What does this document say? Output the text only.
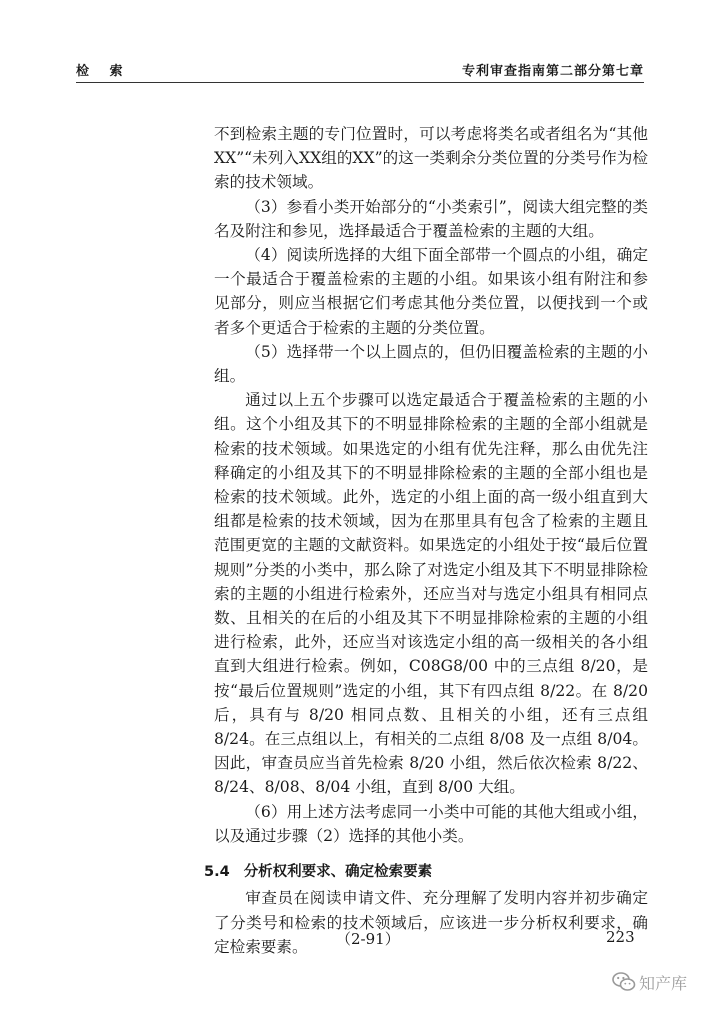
检 索	专利审查指南第二部分第七章

不到检索主题的专门位置时，可以考虑将类名或者组名为“其他XX”“未列入XX组的XX”的这一类剩余分类位置的分类号作为检索的技术领域。

（3）参看小类开始部分的“小类索引”，阅读大组完整的类名及附注和参见，选择最适合于覆盖检索的主题的大组。

（4）阅读所选择的大组下面全部带一个圆点的小组，确定一个最适合于覆盖检索的主题的小组。如果该小组有附注和参见部分，则应当根据它们考虑其他分类位置，以便找到一个或者多个更适合于检索的主题的分类位置。

（5）选择带一个以上圆点的，但仍旧覆盖检索的主题的小组。

通过以上五个步骤可以选定最适合于覆盖检索的主题的小组。这个小组及其下的不明显排除检索的主题的全部小组就是检索的技术领域。如果选定的小组有优先注释，那么由优先注释确定的小组及其下的不明显排除检索的主题的全部小组也是检索的技术领域。此外，选定的小组上面的高一级小组直到大组都是检索的技术领域，因为在那里具有包含了检索的主题且范围更宽的主题的文献资料。如果选定的小组处于按“最后位置规则”分类的小类中，那么除了对选定小组及其下不明显排除检索的主题的小组进行检索外，还应当对与选定小组具有相同点数、且相关的在后的小组及其下不明显排除检索的主题的小组进行检索，此外，还应当对该选定小组的高一级相关的各小组直到大组进行检索。例如，C08G8/00 中的三点组 8/20，是按“最后位置规则”选定的小组，其下有四点组 8/22。在 8/20 后，具有与 8/20 相同点数、且相关的小组，还有三点组 8/24。在三点组以上，有相关的二点组 8/08 及一点组 8/04。因此，审查员应当首先检索 8/20 小组，然后依次检索 8/22、8/24、8/08、8/04 小组，直到 8/00 大组。

（6）用上述方法考虑同一小类中可能的其他大组或小组，以及通过步骤（2）选择的其他小类。

5.4 分析权利要求、确定检索要素

审查员在阅读申请文件、充分理解了发明内容并初步确定了分类号和检索的技术领域后，应该进一步分析权利要求，确定检索要素。	（2-91）	223
知产库
